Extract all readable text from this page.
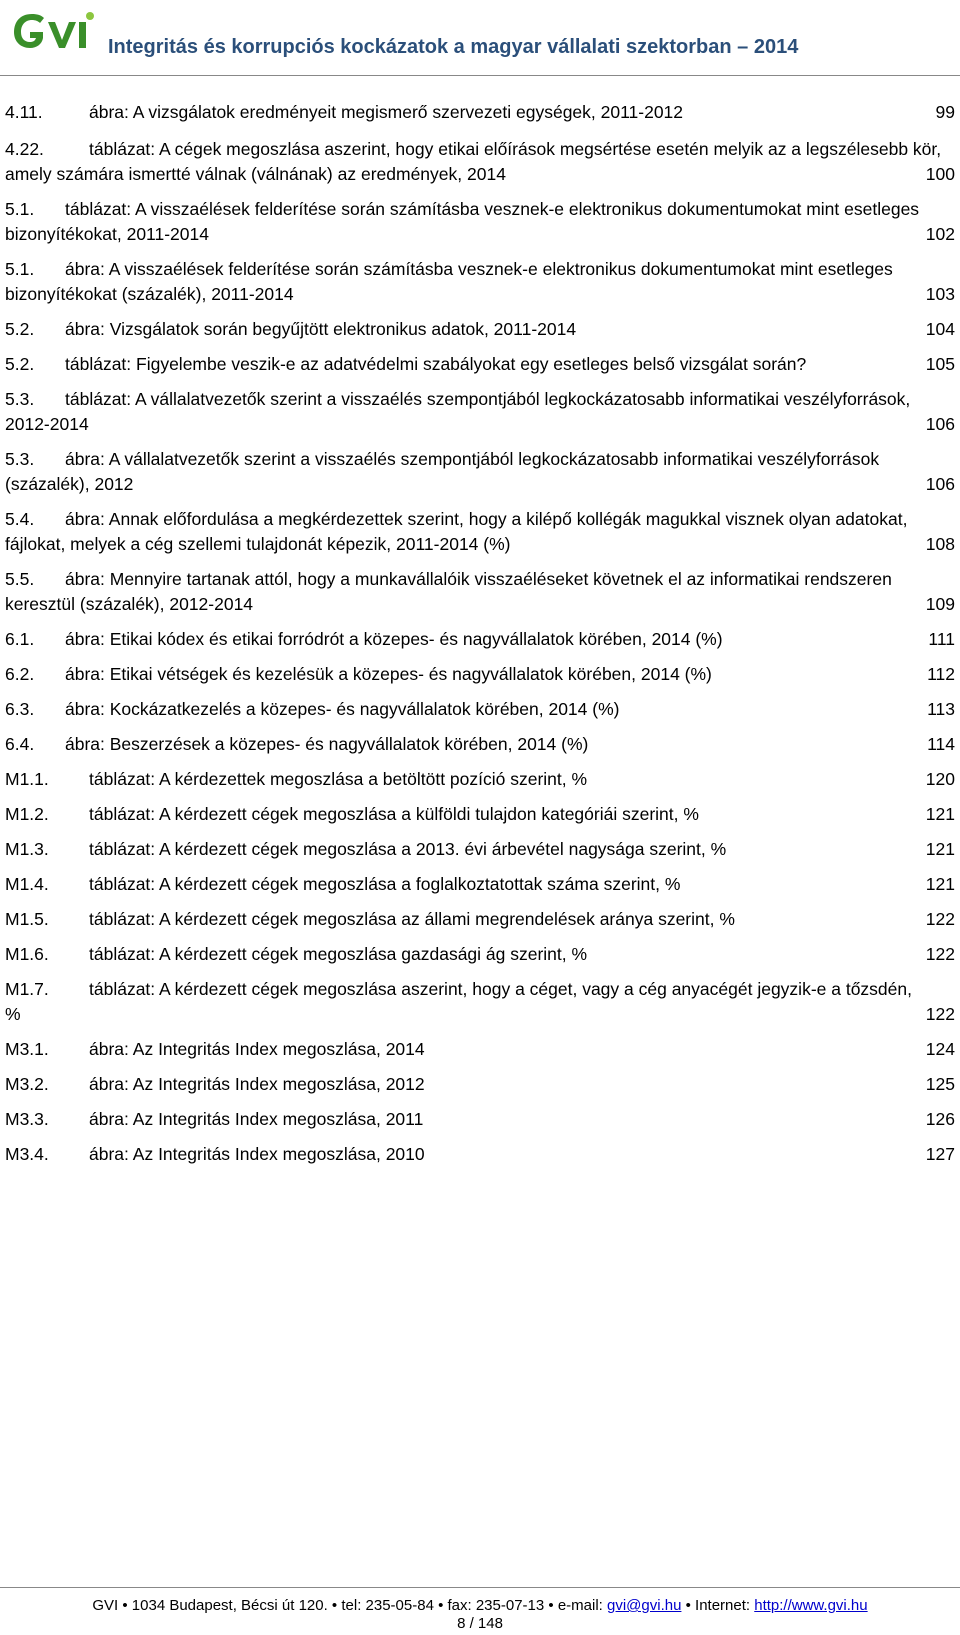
Integritás és korrupciós kockázatok a magyar vállalati szektorban – 2014
4.11.	ábra: A vizsgálatok eredményeit megismerő szervezeti egységek, 2011-2012	99
4.22.	táblázat: A cégek megoszlása aszerint, hogy etikai előírások megsértése esetén melyik az a legszélesebb kör, amely számára ismertté válnak (válnának) az eredmények, 2014	100
5.1. táblázat: A visszaélések felderítése során számításba vesznek-e elektronikus dokumentumokat mint esetleges bizonyítékokat, 2011-2014	102
5.1. ábra: A visszaélések felderítése során számításba vesznek-e elektronikus dokumentumokat mint esetleges bizonyítékokat (százalék), 2011-2014	103
5.2. ábra: Vizsgálatok során begyűjtött elektronikus adatok, 2011-2014	104
5.2. táblázat: Figyelembe veszik-e az adatvédelmi szabályokat egy esetleges belső vizsgálat során?	105
5.3. táblázat: A vállalatvezetők szerint a visszaélés szempontjából legkockázatosabb informatikai veszélyforrások, 2012-2014	106
5.3. ábra: A vállalatvezetők szerint a visszaélés szempontjából legkockázatosabb informatikai veszélyforrások (százalék), 2012	106
5.4. ábra: Annak előfordulása a megkérdezettek szerint, hogy a kilépő kollégák magukkal visznek olyan adatokat, fájlokat, melyek a cég szellemi tulajdonát képezik, 2011-2014 (%)	108
5.5. ábra: Mennyire tartanak attól, hogy a munkavállalóik visszaéléseket követnek el az informatikai rendszeren keresztül (százalék), 2012-2014	109
6.1. ábra: Etikai kódex és etikai forródrót a közepes- és nagyvállalatok körében, 2014 (%)	111
6.2. ábra: Etikai vétségek és kezelésük a közepes- és nagyvállalatok körében, 2014 (%)	112
6.3. ábra: Kockázatkezelés a közepes- és nagyvállalatok körében, 2014 (%)	113
6.4. ábra: Beszerzések a közepes- és nagyvállalatok körében, 2014 (%)	114
M1.1. táblázat: A kérdezettek megoszlása a betöltött pozíció szerint, %	120
M1.2. táblázat: A kérdezett cégek megoszlása a külföldi tulajdon kategóriái szerint, %	121
M1.3. táblázat: A kérdezett cégek megoszlása a 2013. évi árbevétel nagysága szerint, %	121
M1.4. táblázat: A kérdezett cégek megoszlása a foglalkoztatottak száma szerint, %	121
M1.5. táblázat: A kérdezett cégek megoszlása az állami megrendelések aránya szerint, %	122
M1.6. táblázat: A kérdezett cégek megoszlása gazdasági ág szerint, %	122
M1.7. táblázat: A kérdezett cégek megoszlása aszerint, hogy a céget, vagy a cég anyacégét jegyzik-e a tőzsdén, %	122
M3.1. ábra: Az Integritás Index megoszlása, 2014	124
M3.2. ábra: Az Integritás Index megoszlása, 2012	125
M3.3. ábra: Az Integritás Index megoszlása, 2011	126
M3.4. ábra: Az Integritás Index megoszlása, 2010	127
GVI • 1034 Budapest, Bécsi út 120. • tel: 235-05-84 • fax: 235-07-13 • e-mail: gvi@gvi.hu • Internet: http://www.gvi.hu
8 / 148
